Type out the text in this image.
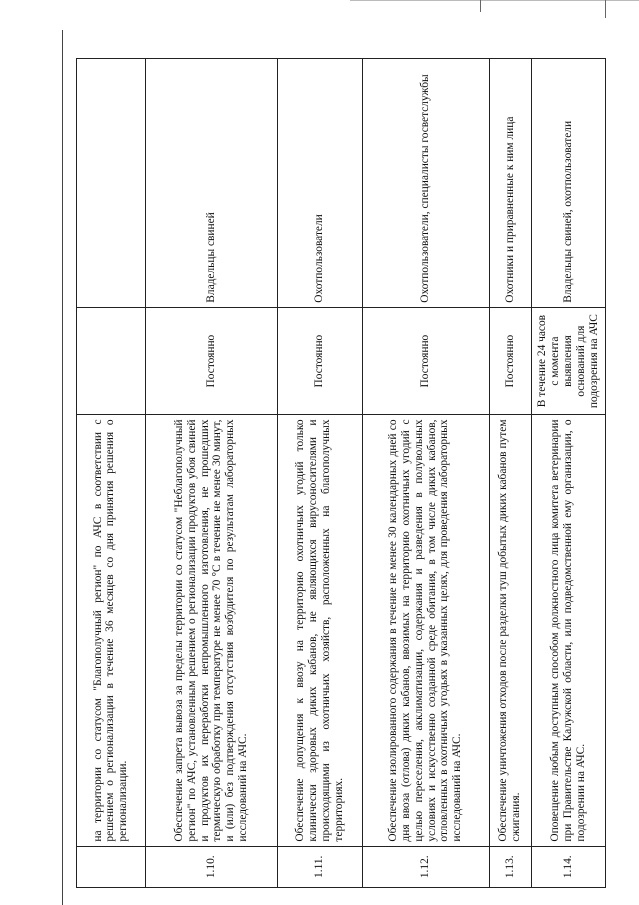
	на территории со статусом "Благополучный регион" по АЧС в соответствии с решением о регионализации в течение 36 месяцев со дня принятия решения о регионализации.		
1.10.	Обеспечение запрета вывоза за пределы территории со статусом "Неблагополучный регион" по АЧС, установленным решением о регионализации продуктов убоя свиней и продуктов их переработки непромышленного изготовления, не прошедших термическую обработку при температуре не менее 70 °С в течение не менее 30 минут, и (или) без подтверждения отсутствия возбудителя по результатам лабораторных исследований на АЧС.	Постоянно	Владельцы свиней
1.11.	Обеспечение допущения к ввозу на территорию охотничьих угодий только клинически здоровых диких кабанов, не являющихся вирусоносителями и происходящими из охотничьих хозяйств, расположенных на благополучных территориях.	Постоянно	Охотпользователи
1.12.	Обеспечение изолированного содержания в течение не менее 30 календарных дней со дня ввоза (отлова) диких кабанов, ввозимых на территорию охотничьих угодий с целью переселения, акклиматизации, содержания и разведения в полувольных условиях и искусственно созданной среде обитания, в том числе диких кабанов, отловленных в охотничьих угодьях в указанных целях, для проведения лабораторных исследований на АЧС.	Постоянно	Охотпользователи, специалисты госветслужбы
1.13.	Обеспечение уничтожения отходов после разделки туш добытых диких кабанов путем сжигания.	Постоянно	Охотники и приравненные к ним лица
1.14.	Оповещение любым доступным способом должностного лица комитета ветеринарии при Правительстве Калужской области, или подведомственной ему организации, о подозрении на АЧС.	В течение 24 часов с момента выявления оснований для подозрения на АЧС	Владельцы свиней, охотпользователи
